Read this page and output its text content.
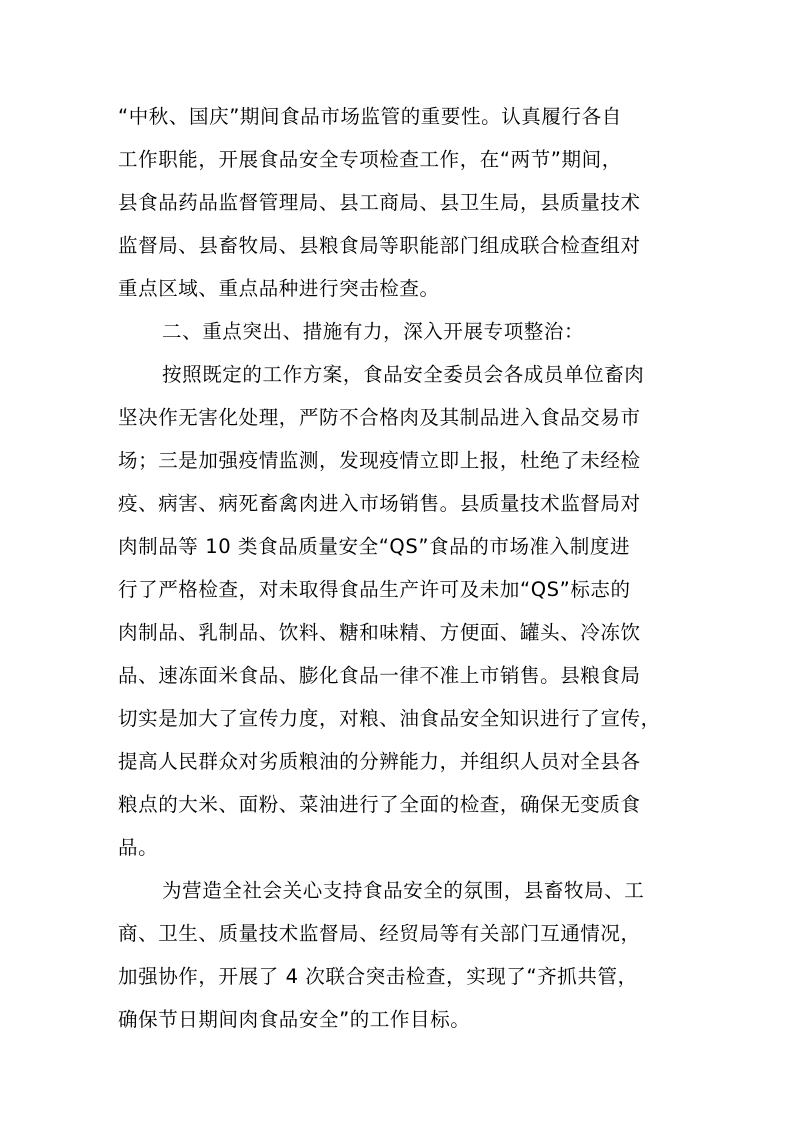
“中秋、国庆”期间食品市场监管的重要性。认真履行各自
工作职能，开展食品安全专项检查工作，在“两节”期间，
县食品药品监督管理局、县工商局、县卫生局，县质量技术
监督局、县畜牧局、县粮食局等职能部门组成联合检查组对
重点区域、重点品种进行突击检查。
二、重点突出、措施有力，深入开展专项整治：
按照既定的工作方案，食品安全委员会各成员单位畜肉
坚决作无害化处理，严防不合格肉及其制品进入食品交易市
场；三是加强疫情监测，发现疫情立即上报，杜绝了未经检
疫、病害、病死畜禽肉进入市场销售。县质量技术监督局对
肉制品等 10 类食品质量安全“QS”食品的市场准入制度进
行了严格检查，对未取得食品生产许可及未加“QS”标志的
肉制品、乳制品、饮料、糖和味精、方便面、罐头、冷冻饮
品、速冻面米食品、膨化食品一律不准上市销售。县粮食局
切实是加大了宣传力度，对粮、油食品安全知识进行了宣传，
提高人民群众对劣质粮油的分辨能力，并组织人员对全县各
粮点的大米、面粉、菜油进行了全面的检查，确保无变质食
品。
为营造全社会关心支持食品安全的氛围，县畜牧局、工
商、卫生、质量技术监督局、经贸局等有关部门互通情况，
加强协作，开展了 4 次联合突击检查，实现了“齐抓共管，
确保节日期间肉食品安全”的工作目标。
